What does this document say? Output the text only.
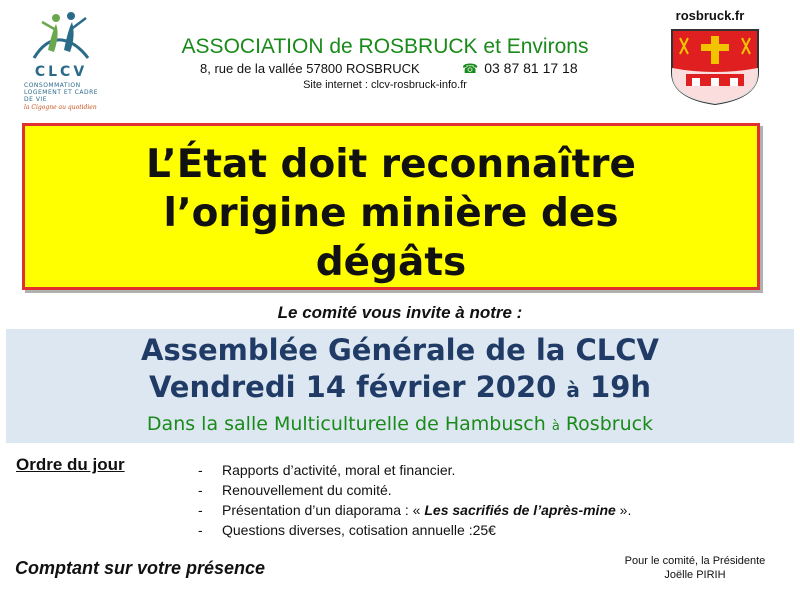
CLCV
CONSOMMATION LOGEMENT ET CADRE DE VIE
la Cigogne au quotidien
ASSOCIATION de ROSBRUCK et Environs
8, rue de la vallée 57800 ROSBRUCK	☎ 03 87 81 17 18
Site internet : clcv-rosbruck-info.fr
rosbruck.fr
L’État doit reconnaître
l’origine minière des
dégâts
Le comité vous invite à notre :
Assemblée Générale de la CLCV
Vendredi 14 février 2020 à 19h
Dans la salle Multiculturelle de Hambusch à Rosbruck
Ordre du jour	- Rapports d’activité, moral et financier.
- Renouvellement du comité.
- Présentation d’un diaporama : « Les sacrifiés de l’après-mine ».
- Questions diverses, cotisation annuelle :25€
Comptant sur votre présence	Pour le comité, la Présidente
Joëlle PIRIH
